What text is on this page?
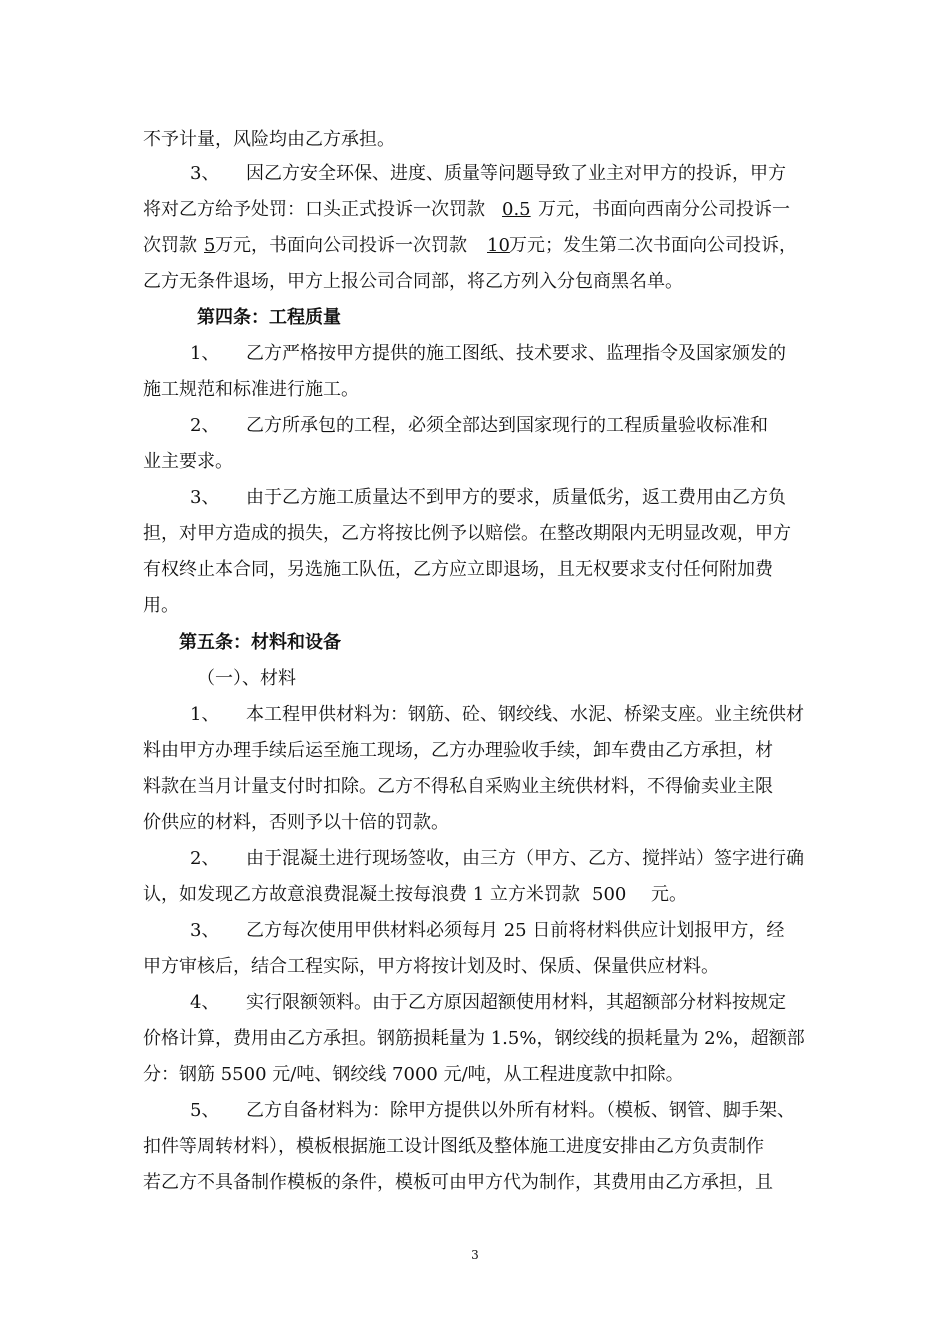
不予计量，风险均由乙方承担。
3、 因乙方安全环保、进度、质量等问题导致了业主对甲方的投诉，甲方
将对乙方给予处罚：口头正式投诉一次罚款 0.5 万元，书面向西南分公司投诉一
次罚款 5 万元，书面向公司投诉一次罚款 10 万元；发生第二次书面向公司投诉，
乙方无条件退场，甲方上报公司合同部，将乙方列入分包商黑名单。
第四条：工程质量
1、 乙方严格按甲方提供的施工图纸、技术要求、监理指令及国家颁发的
施工规范和标准进行施工。
2、 乙方所承包的工程，必须全部达到国家现行的工程质量验收标准和
业主要求。
3、 由于乙方施工质量达不到甲方的要求，质量低劣，返工费用由乙方负
担，对甲方造成的损失，乙方将按比例予以赔偿。在整改期限内无明显改观，甲方
有权终止本合同，另选施工队伍，乙方应立即退场，且无权要求支付任何附加费
用。
第五条：材料和设备
（一）、材料
1、 本工程甲供材料为：钢筋、砼、钢绞线、水泥、桥梁支座。业主统供材
料由甲方办理手续后运至施工现场，乙方办理验收手续，卸车费由乙方承担，材
料款在当月计量支付时扣除。乙方不得私自采购业主统供材料，不得偷卖业主限
价供应的材料，否则予以十倍的罚款。
2、 由于混凝土进行现场签收，由三方（甲方、乙方、搅拌站）签字进行确
认，如发现乙方故意浪费混凝土按每浪费 1 立方米罚款 500 元。
3、 乙方每次使用甲供材料必须每月 25 日前将材料供应计划报甲方，经
甲方审核后，结合工程实际，甲方将按计划及时、保质、保量供应材料。
4、 实行限额领料。由于乙方原因超额使用材料，其超额部分材料按规定
价格计算，费用由乙方承担。钢筋损耗量为 1.5%，钢绞线的损耗量为 2%，超额部
分：钢筋 5500 元/吨、钢绞线 7000 元/吨，从工程进度款中扣除。
5、 乙方自备材料为：除甲方提供以外所有材料。（模板、钢管、脚手架、
扣件等周转材料），模板根据施工设计图纸及整体施工进度安排由乙方负责制作
若乙方不具备制作模板的条件，模板可由甲方代为制作，其费用由乙方承担，且
3
